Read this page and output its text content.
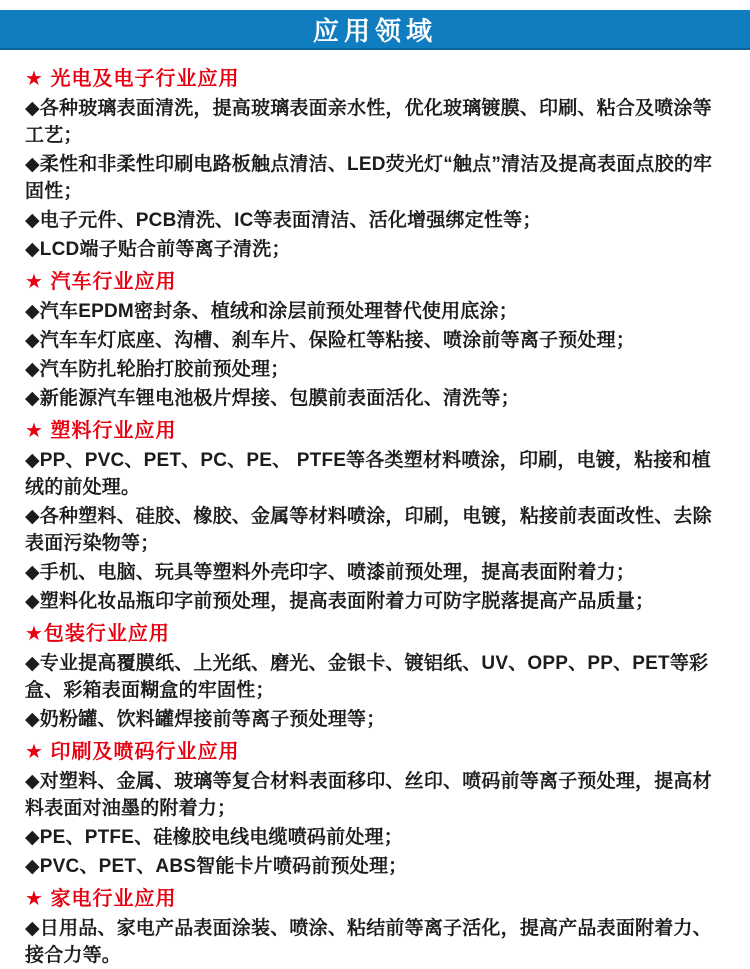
应用领域

★ 光电及电子行业应用

◆各种玻璃表面清洗，提高玻璃表面亲水性，优化玻璃镀膜、印刷、粘合及喷涂等工艺；

◆柔性和非柔性印刷电路板触点清洁、LED荧光灯“触点”清洁及提高表面点胶的牢固性；

◆电子元件、PCB清洗、IC等表面清洁、活化增强绑定性等；

◆LCD端子贴合前等离子清洗；

★ 汽车行业应用

◆汽车EPDM密封条、植绒和涂层前预处理替代使用底涂；

◆汽车车灯底座、沟槽、刹车片、保险杠等粘接、喷涂前等离子预处理；

◆汽车防扎轮胎打胶前预处理；

◆新能源汽车锂电池极片焊接、包膜前表面活化、清洗等；

★ 塑料行业应用

◆PP、PVC、PET、PC、PE、 PTFE等各类塑材料喷涂，印刷，电镀，粘接和植绒的前处理。

◆各种塑料、硅胶、橡胶、金属等材料喷涂，印刷，电镀，粘接前表面改性、去除表面污染物等；

◆手机、电脑、玩具等塑料外壳印字、喷漆前预处理，提高表面附着力；

◆塑料化妆品瓶印字前预处理，提高表面附着力可防字脱落提高产品质量；

★包装行业应用

◆专业提高覆膜纸、上光纸、磨光、金银卡、镀铝纸、UV、OPP、PP、PET等彩盒、彩箱表面糊盒的牢固性；

◆奶粉罐、饮料罐焊接前等离子预处理等；

★ 印刷及喷码行业应用

◆对塑料、金属、玻璃等复合材料表面移印、丝印、喷码前等离子预处理，提高材料表面对油墨的附着力；

◆PE、PTFE、硅橡胶电线电缆喷码前处理；

◆PVC、PET、ABS智能卡片喷码前预处理；

★ 家电行业应用

◆日用品、家电产品表面涂装、喷涂、粘结前等离子活化，提高产品表面附着力、接合力等。
